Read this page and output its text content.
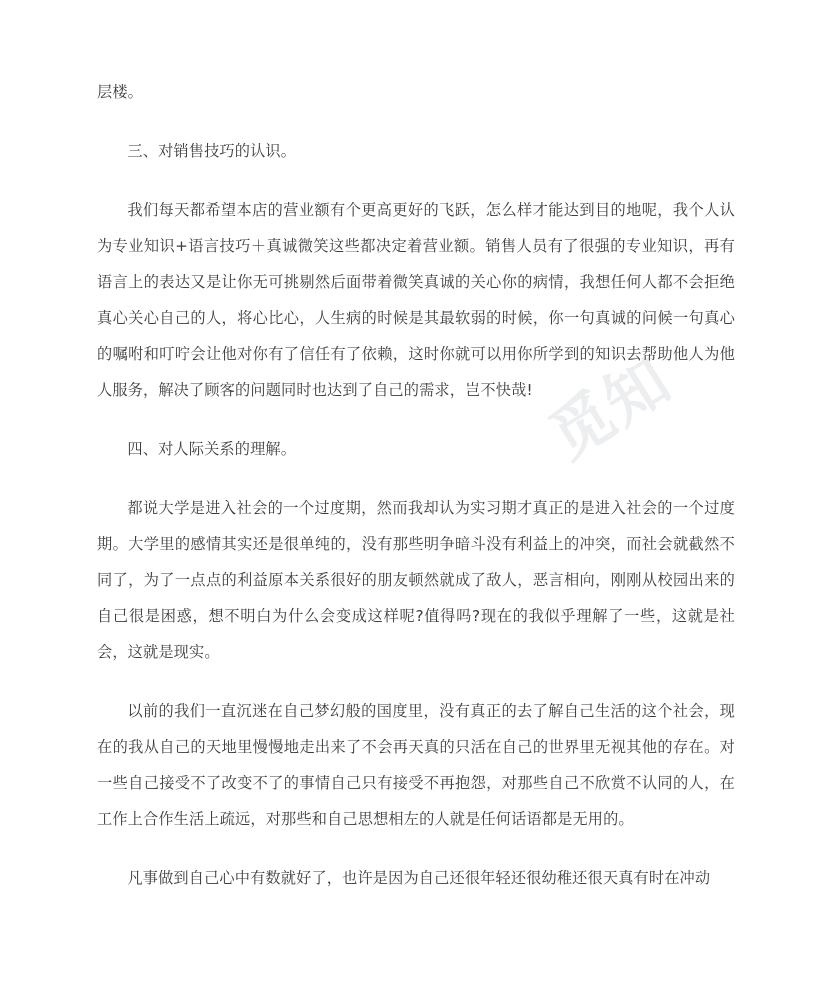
觅知

层楼。

三、对销售技巧的认识。

我们每天都希望本店的营业额有个更高更好的飞跃，怎么样才能达到目的地呢，我个人认为专业知识+语言技巧＋真诚微笑这些都决定着营业额。销售人员有了很强的专业知识，再有语言上的表达又是让你无可挑剔然后面带着微笑真诚的关心你的病情，我想任何人都不会拒绝真心关心自己的人，将心比心，人生病的时候是其最软弱的时候，你一句真诚的问候一句真心的嘱咐和叮咛会让他对你有了信任有了依赖，这时你就可以用你所学到的知识去帮助他人为他人服务，解决了顾客的问题同时也达到了自己的需求，岂不快哉!

四、对人际关系的理解。

都说大学是进入社会的一个过度期，然而我却认为实习期才真正的是进入社会的一个过度期。大学里的感情其实还是很单纯的，没有那些明争暗斗没有利益上的冲突，而社会就截然不同了，为了一点点的利益原本关系很好的朋友顿然就成了敌人，恶言相向，刚刚从校园出来的自己很是困惑，想不明白为什么会变成这样呢?值得吗?现在的我似乎理解了一些，这就是社会，这就是现实。

以前的我们一直沉迷在自己梦幻般的国度里，没有真正的去了解自己生活的这个社会，现在的我从自己的天地里慢慢地走出来了不会再天真的只活在自己的世界里无视其他的存在。对一些自己接受不了改变不了的事情自己只有接受不再抱怨，对那些自己不欣赏不认同的人，在工作上合作生活上疏远，对那些和自己思想相左的人就是任何话语都是无用的。

凡事做到自己心中有数就好了，也许是因为自己还很年轻还很幼稚还很天真有时在冲动
